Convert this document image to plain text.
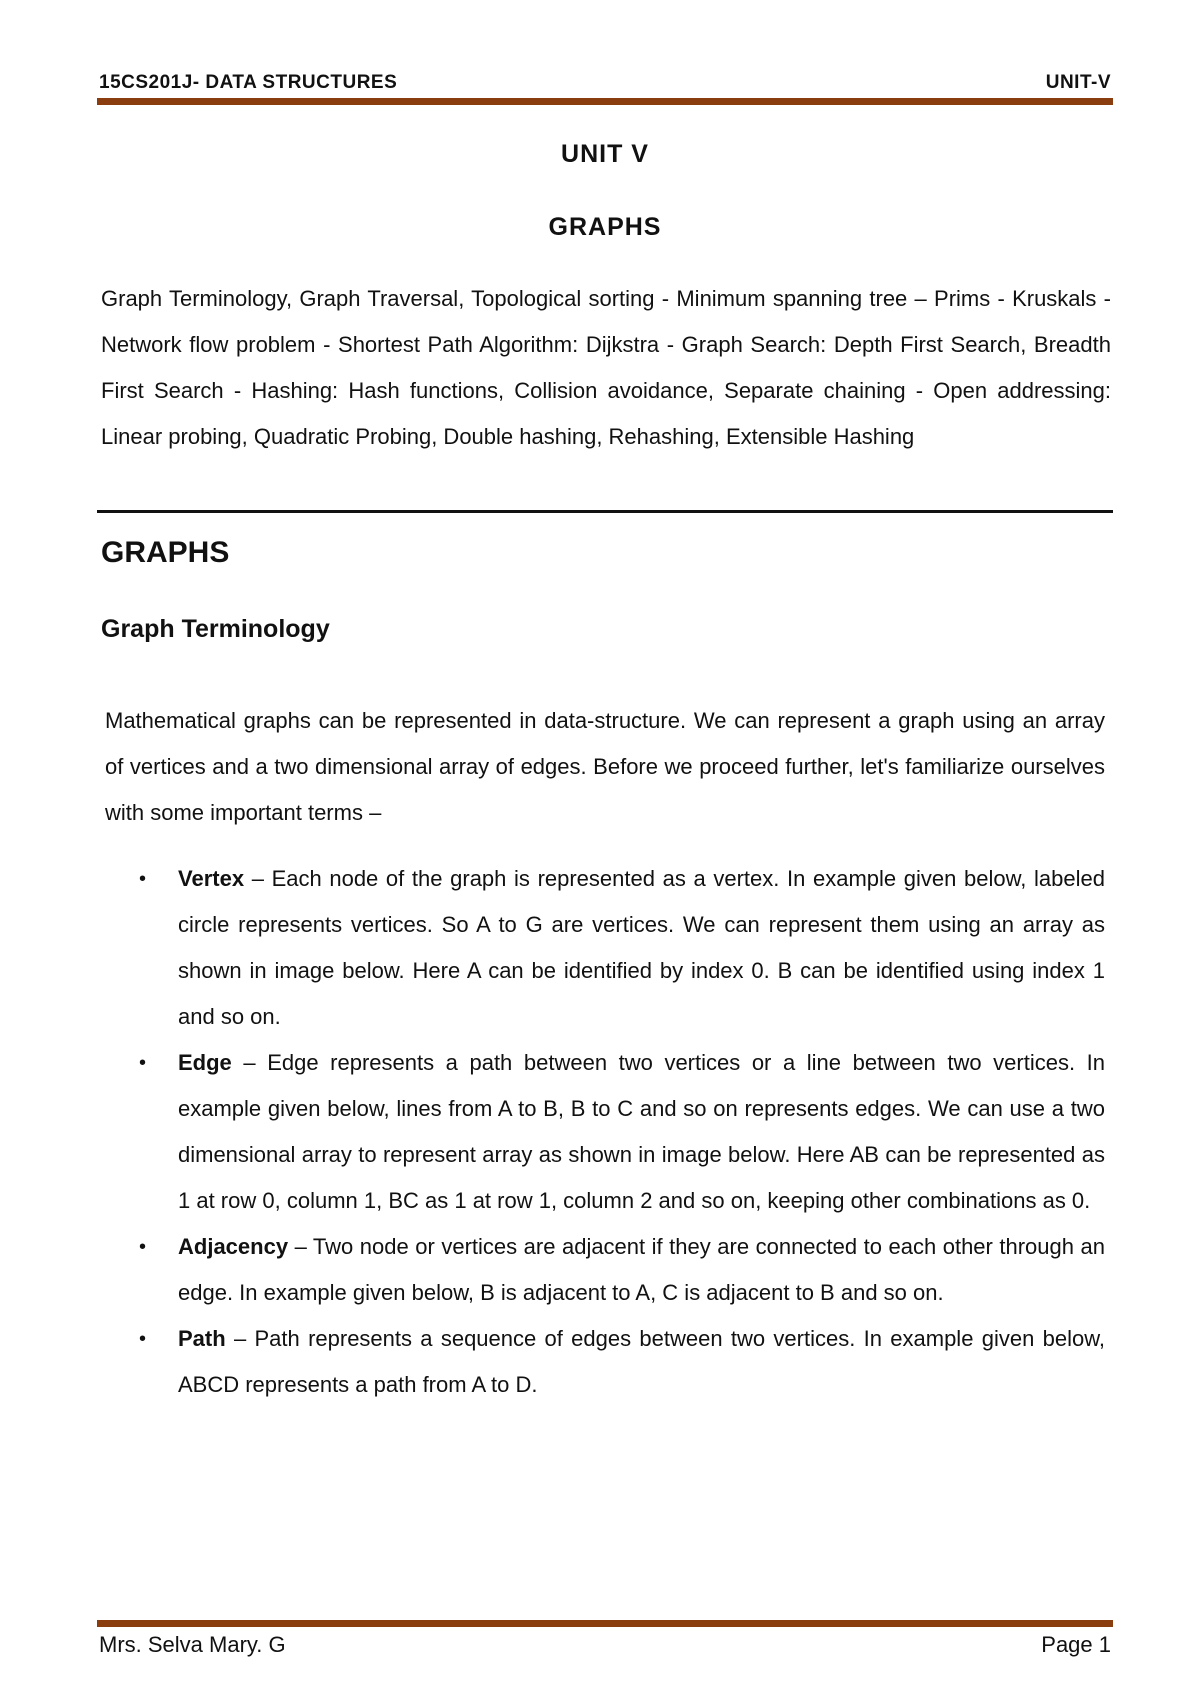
15CS201J- DATA STRUCTURES	UNIT-V
UNIT V
GRAPHS

Graph Terminology, Graph Traversal, Topological sorting - Minimum spanning tree – Prims - Kruskals - Network flow problem - Shortest Path Algorithm: Dijkstra - Graph Search: Depth First Search, Breadth First Search - Hashing: Hash functions, Collision avoidance, Separate chaining - Open addressing: Linear probing, Quadratic Probing, Double hashing, Rehashing, Extensible Hashing

GRAPHS
Graph Terminology

Mathematical graphs can be represented in data-structure. We can represent a graph using an array of vertices and a two dimensional array of edges. Before we proceed further, let's familiarize ourselves with some important terms –

• Vertex – Each node of the graph is represented as a vertex. In example given below, labeled circle represents vertices. So A to G are vertices. We can represent them using an array as shown in image below. Here A can be identified by index 0. B can be identified using index 1 and so on.
• Edge – Edge represents a path between two vertices or a line between two vertices. In example given below, lines from A to B, B to C and so on represents edges. We can use a two dimensional array to represent array as shown in image below. Here AB can be represented as 1 at row 0, column 1, BC as 1 at row 1, column 2 and so on, keeping other combinations as 0.
• Adjacency – Two node or vertices are adjacent if they are connected to each other through an edge. In example given below, B is adjacent to A, C is adjacent to B and so on.
• Path – Path represents a sequence of edges between two vertices. In example given below, ABCD represents a path from A to D.
Mrs. Selva Mary. G	Page 1
